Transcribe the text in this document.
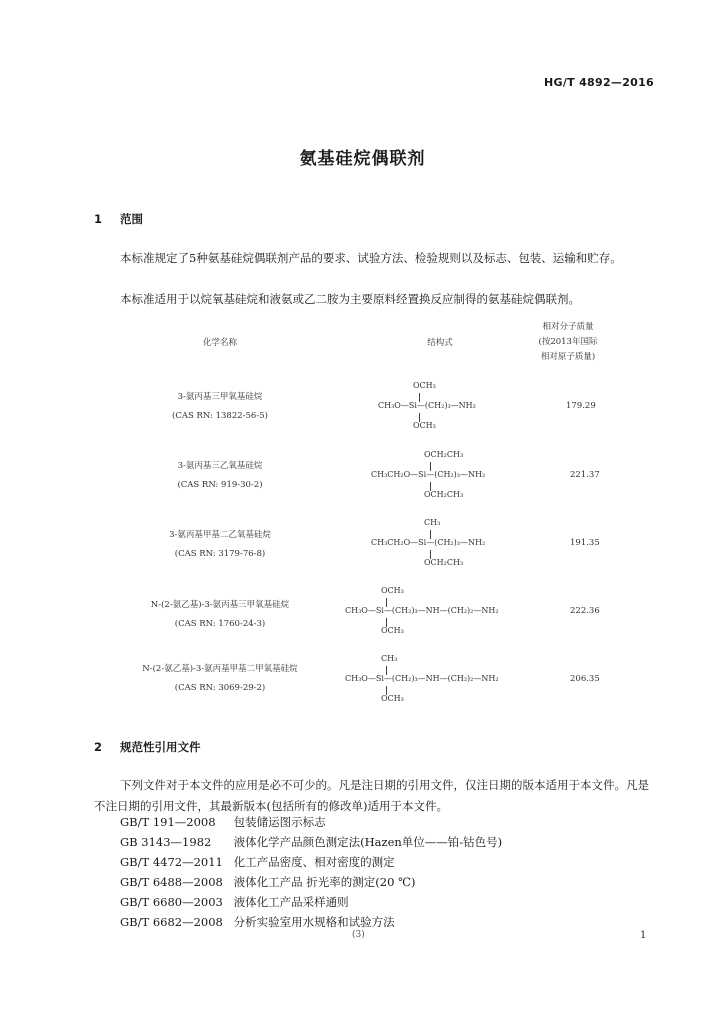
HG/T 4892—2016
氨基硅烷偶联剂
1 范围
本标准规定了5种氨基硅烷偶联剂产品的要求、试验方法、检验规则以及标志、包装、运输和贮存。
本标准适用于以烷氧基硅烷和液氨或乙二胺为主要原料经置换反应制得的氨基硅烷偶联剂。
化学名称	结构式
相对分子质量
(按2013年国际
相对原子质量)
3-氨丙基三甲氧基硅烷
(CAS RN: 13822-56-5)
OCH₃
CH₃O—Si—(CH₂)₃—NH₂
OCH₃
179.29
3-氨丙基三乙氧基硅烷
(CAS RN: 919-30-2)
OCH₂CH₃
CH₃CH₂O—Si—(CH₂)₃—NH₂
OCH₂CH₃
221.37
3-氨丙基甲基二乙氧基硅烷
(CAS RN: 3179-76-8)
CH₃
CH₃CH₂O—Si—(CH₂)₃—NH₂
OCH₂CH₃
191.35
N-(2-氨乙基)-3-氨丙基三甲氧基硅烷
(CAS RN: 1760-24-3)
OCH₃
CH₃O—Si—(CH₂)₃—NH—(CH₂)₂—NH₂
OCH₃
222.36
N-(2-氨乙基)-3-氨丙基甲基二甲氧基硅烷
(CAS RN: 3069-29-2)
CH₃
CH₃O—Si—(CH₂)₃—NH—(CH₂)₂—NH₂
OCH₃
206.35
2 规范性引用文件
下列文件对于本文件的应用是必不可少的。凡是注日期的引用文件，仅注日期的版本适用于本文件。凡是不注日期的引用文件，其最新版本(包括所有的修改单)适用于本文件。
GB/T 191—2008 包装储运图示标志
GB 3143—1982 液体化学产品颜色测定法(Hazen单位——铂-钴色号)
GB/T 4472—2011 化工产品密度、相对密度的测定
GB/T 6488—2008 液体化工产品 折光率的测定(20 ℃)
GB/T 6680—2003 液体化工产品采样通则
GB/T 6682—2008 分析实验室用水规格和试验方法
(3)	1
